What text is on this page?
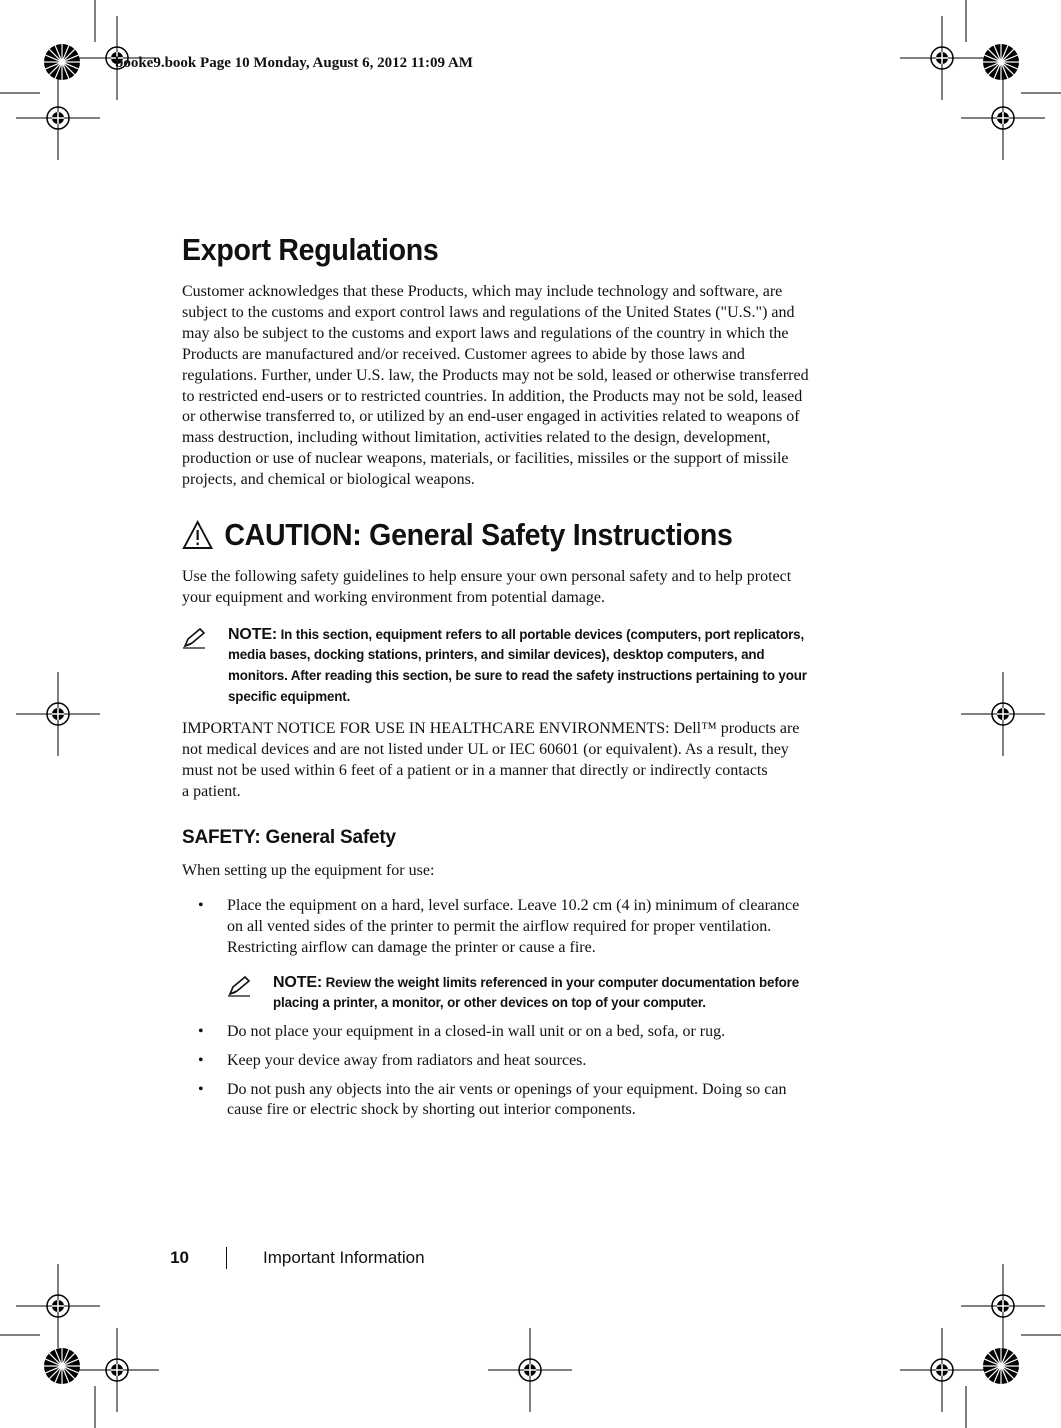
booke9.book Page 10 Monday, August 6, 2012 11:09 AM
Export Regulations

Customer acknowledges that these Products, which may include technology and software, are
subject to the customs and export control laws and regulations of the United States ("U.S.") and
may also be subject to the customs and export laws and regulations of the country in which the
Products are manufactured and/or received. Customer agrees to abide by those laws and
regulations. Further, under U.S. law, the Products may not be sold, leased or otherwise transferred
to restricted end-users or to restricted countries. In addition, the Products may not be sold, leased
or otherwise transferred to, or utilized by an end-user engaged in activities related to weapons of
mass destruction, including without limitation, activities related to the design, development,
production or use of nuclear weapons, materials, or facilities, missiles or the support of missile
projects, and chemical or biological weapons.

CAUTION: General Safety Instructions

Use the following safety guidelines to help ensure your own personal safety and to help protect
your equipment and working environment from potential damage.

NOTE: In this section, equipment refers to all portable devices (computers, port replicators,
media bases, docking stations, printers, and similar devices), desktop computers, and
monitors. After reading this section, be sure to read the safety instructions pertaining to your
specific equipment.

IMPORTANT NOTICE FOR USE IN HEALTHCARE ENVIRONMENTS: Dell™ products are
not medical devices and are not listed under UL or IEC 60601 (or equivalent). As a result, they
must not be used within 6 feet of a patient or in a manner that directly or indirectly contacts
a patient.

SAFETY: General Safety

When setting up the equipment for use:

• Place the equipment on a hard, level surface. Leave 10.2 cm (4 in) minimum of clearance
on all vented sides of the printer to permit the airflow required for proper ventilation.
Restricting airflow can damage the printer or cause a fire.
NOTE: Review the weight limits referenced in your computer documentation before
placing a printer, a monitor, or other devices on top of your computer.
• Do not place your equipment in a closed-in wall unit or on a bed, sofa, or rug.
• Keep your device away from radiators and heat sources.
• Do not push any objects into the air vents or openings of your equipment. Doing so can
cause fire or electric shock by shorting out interior components.
10	Important Information
